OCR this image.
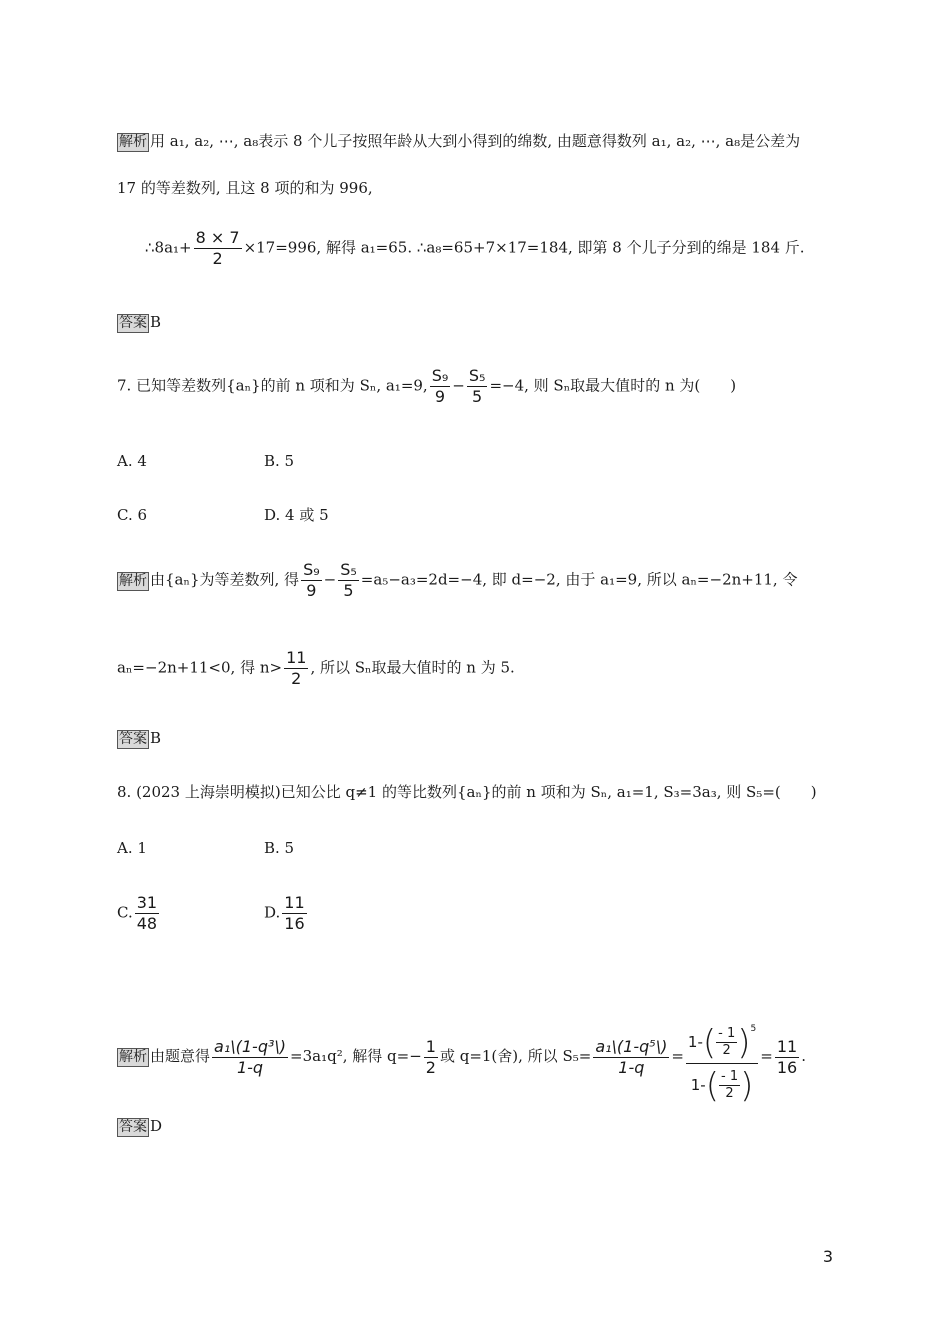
解析 用 a₁, a₂, ⋯, a₈表示 8 个儿子按照年龄从大到小得到的绵数, 由题意得数列 a₁, a₂, ⋯, a₈是公差为
17 的等差数列, 且这 8 项的和为 996,
∴8a₁+ $\frac{8 \times 7}{2} \times 17=996$, 解得 a₁=65. ∴a₈=65+7×17=184, 即第 8 个儿子分到的绵是 184 斤.
答案 B
7. 已知等差数列{aₙ}的前 n 项和为 Sₙ, a₁=9, $\frac{\text{S₉}}{9} - \frac{\text{S₅}}{5} =-4$, 则 Sₙ取最大值时的 n 为(　　)
A. 4	B. 5
C. 6	D. 4 或 5
解析 由{aₙ}为等差数列, 得 $\frac{\text{S₉}}{9} - \frac{\text{S₅}}{5} =a_5-a_3=2d=-4$, 即 d=−2, 由于 a₁=9, 所以 aₙ=−2n+11, 令
aₙ=−2n+11<0, 得 $n> \frac{11}{2}$ , 所以 Sₙ取最大值时的 n 为 5.
答案 B
8. (2023 上海崇明模拟)已知公比 q≠1 的等比数列{aₙ}的前 n 项和为 Sₙ, a₁=1, S₃=3a₃, 则 S₅=(　　)
A. 1	B. 5
C. $\frac{31}{48}$	D. $\frac{11}{16}$
解析 由题意得 $\frac{\text{a₁\textbackslash{}(1-q³\textbackslash{})}}{1-q} =3a_1q^2$, 解得 $q=- \frac{1}{2}$ 或 q=1(舍), 所以 $S_5= \frac{\text{a₁\textbackslash{}(1-q⁵\textbackslash{})}}{1-q} = \frac{1-( \frac{- 1}{2} )^5}{1-( \frac{- 1}{2} )} = \frac{11}{16}$ .
答案 D
3
